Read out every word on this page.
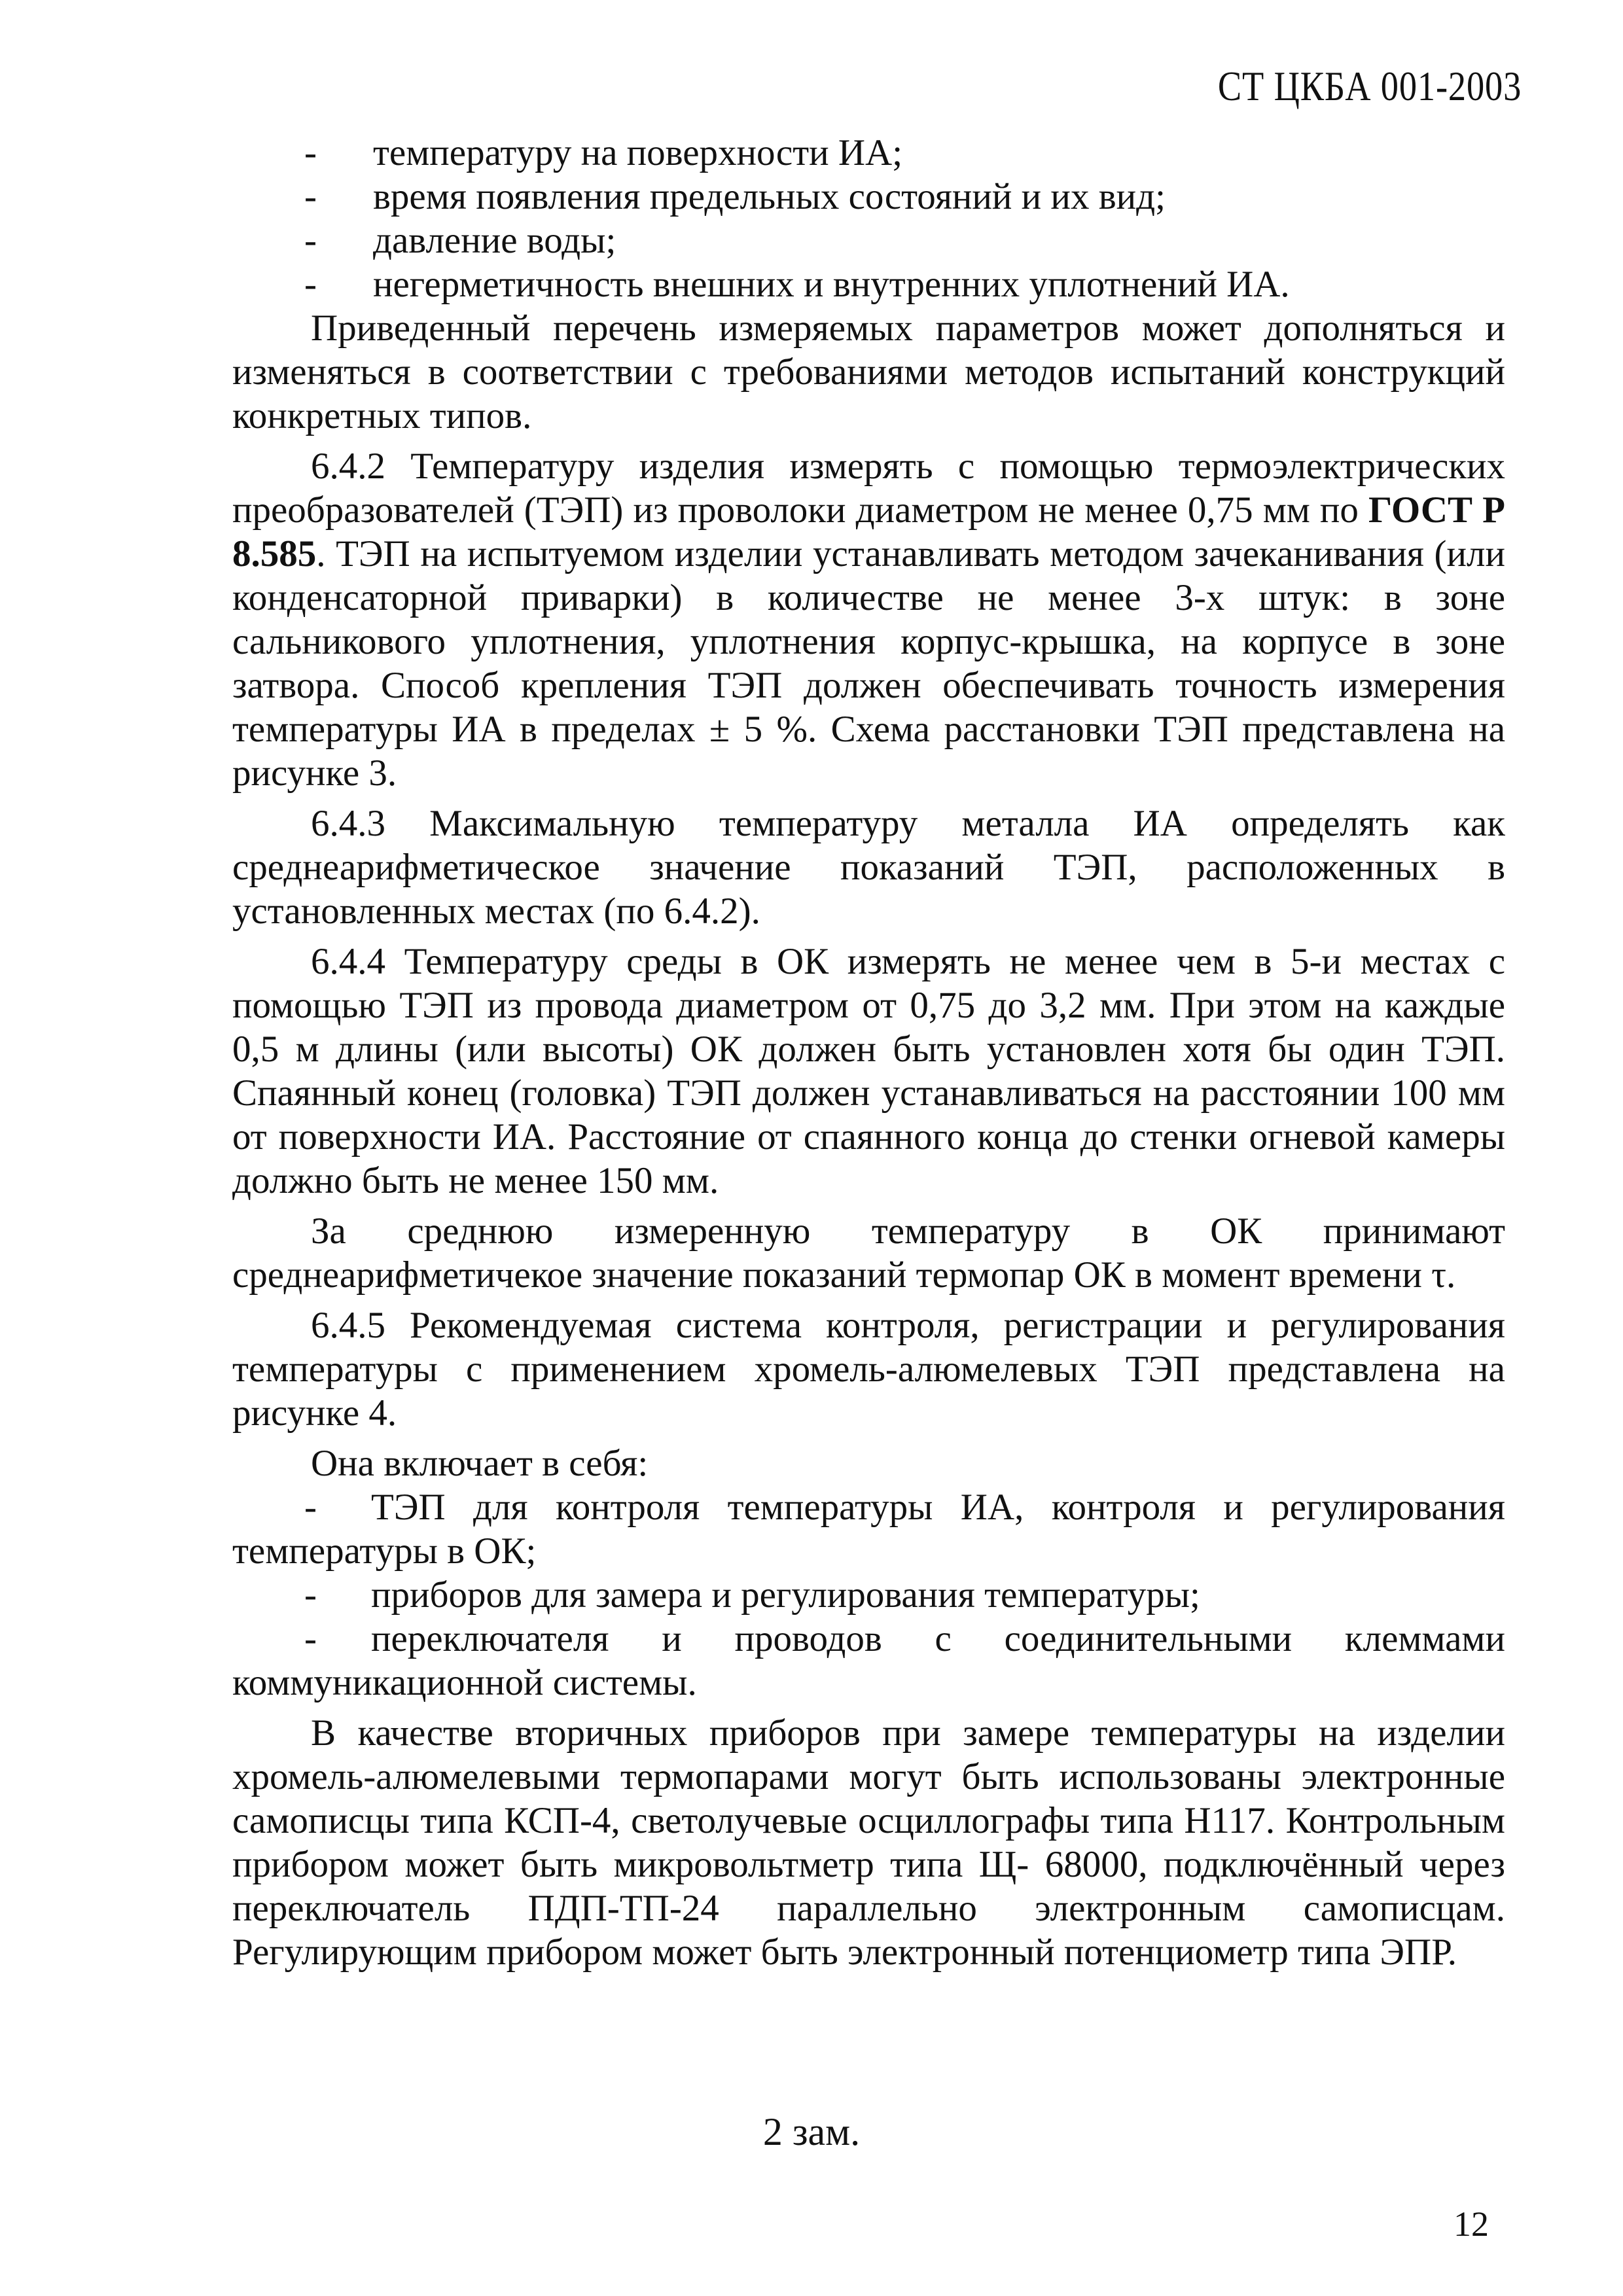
СТ ЦКБА 001-2003
-	температуру на поверхности ИА;
-	время появления предельных состояний и их вид;
-	давление воды;
-	негерметичность внешних и внутренних уплотнений ИА.

Приведенный перечень измеряемых параметров может дополняться и изменяться в соответствии с требованиями методов испытаний конструкций конкретных типов.

6.4.2 Температуру изделия измерять с помощью термоэлектрических преобразователей (ТЭП) из проволоки диаметром не менее 0,75 мм по ГОСТ Р 8.585. ТЭП на испытуемом изделии устанавливать методом зачеканивания (или конденсаторной приварки) в количестве не менее 3-х штук: в зоне сальникового уплотнения, уплотнения корпус-крышка, на корпусе в зоне затвора. Способ крепления ТЭП должен обеспечивать точность измерения температуры ИА в пределах ± 5 %. Схема расстановки ТЭП представлена на рисунке 3.

6.4.3 Максимальную температуру металла ИА определять как среднеарифметическое значение показаний ТЭП, расположенных в установленных местах (по 6.4.2).

6.4.4 Температуру среды в ОК измерять не менее чем в 5-и местах с помощью ТЭП из провода диаметром от 0,75 до 3,2 мм. При этом на каждые 0,5 м длины (или высоты) ОК должен быть установлен хотя бы один ТЭП. Спаянный конец (головка) ТЭП должен устанавливаться на расстоянии 100 мм от поверхности ИА. Расстояние от спаянного конца до стенки огневой камеры должно быть не менее 150 мм.

За среднюю измеренную температуру в ОК принимают среднеарифметичекое значение показаний термопар ОК в момент времени τ.

6.4.5 Рекомендуемая система контроля, регистрации и регулирования температуры с применением хромель-алюмелевых ТЭП представлена на рисунке 4.

Она включает в себя:

- ТЭП для контроля температуры ИА, контроля и регулирования температуры в ОК;

- приборов для замера и регулирования температуры;

- переключателя и проводов с соединительными клеммами коммуникационной системы.

В качестве вторичных приборов при замере температуры на изделии хромель-алюмелевыми термопарами могут быть использованы электронные самописцы типа КСП-4, светолучевые осциллографы типа Н117. Контрольным прибором может быть микровольтметр типа Щ- 68000, подключённый через переключатель ПДП-ТП-24 параллельно электронным самописцам. Регулирующим прибором может быть электронный потенциометр типа ЭПР.

2 зам.
12
